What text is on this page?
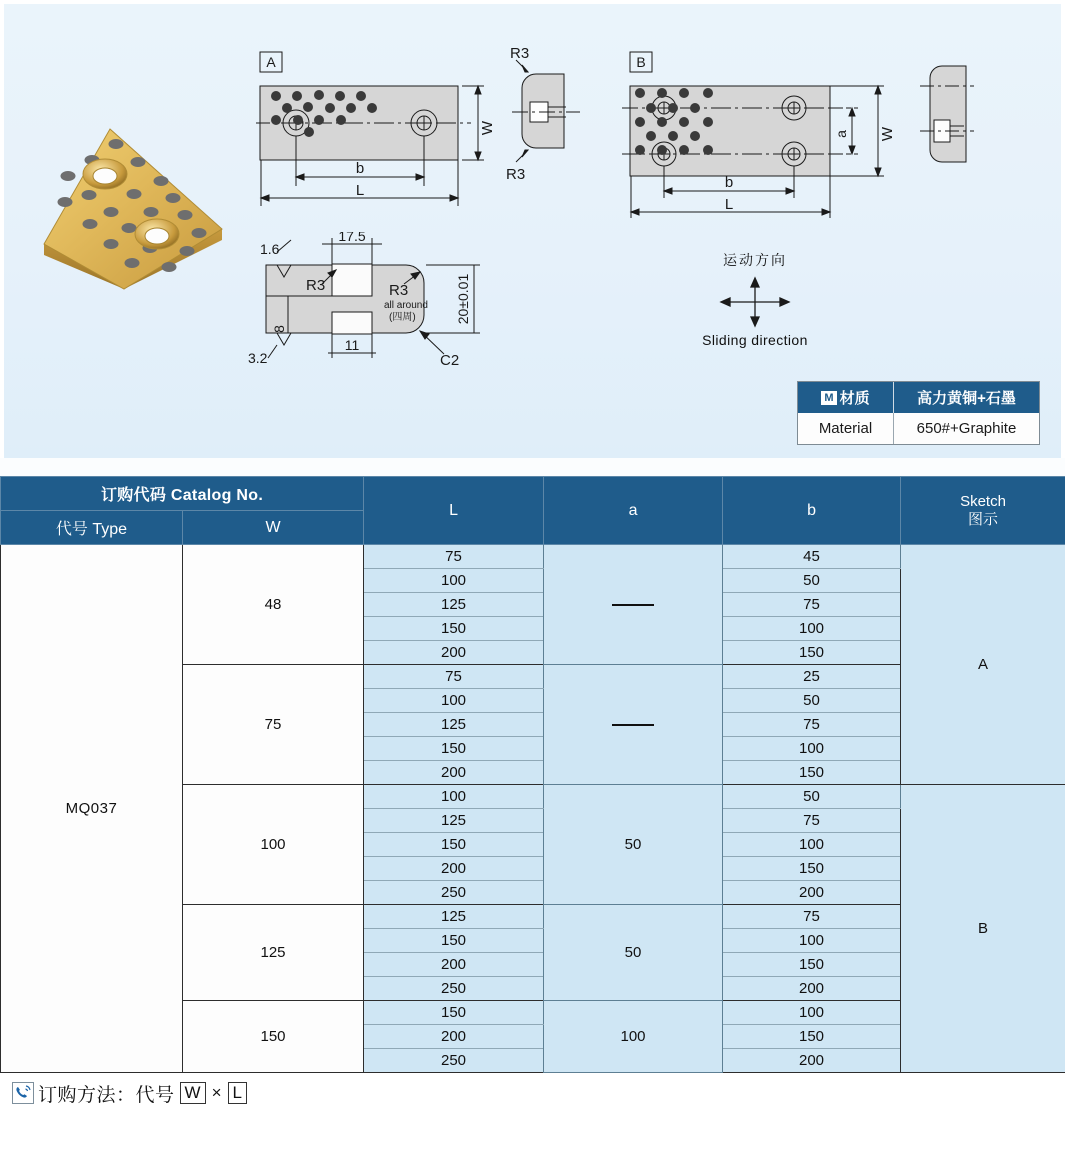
A
W
b
L
R3
R3
B
a W
b
L
1.6
3.2
17.5
11
R3	R3
all around
(四周)
C2
8
20±0.01
运动方向
Sliding direction
M 材质	高力黄铜+石墨
Material	650#+Graphite
订购代码 Catalog No.		L	a	b	Sketch
图示

代号 Type	W				
MQ037	48	75		45	A
		100		50	
		125		75	
		150		100	
		200		150	
	75	75		25	
		100		50	
		125		75	
		150		100	
		200		150	
	100	100	50	50	B
		125		75	
		150		100	
		200		150	
		250		200	
	125	125	50	75	
		150		100	
		200		150	
		250		200	
	150	150	100	100	
		200		150	
		250		200	
订购方法：代号 W × L
